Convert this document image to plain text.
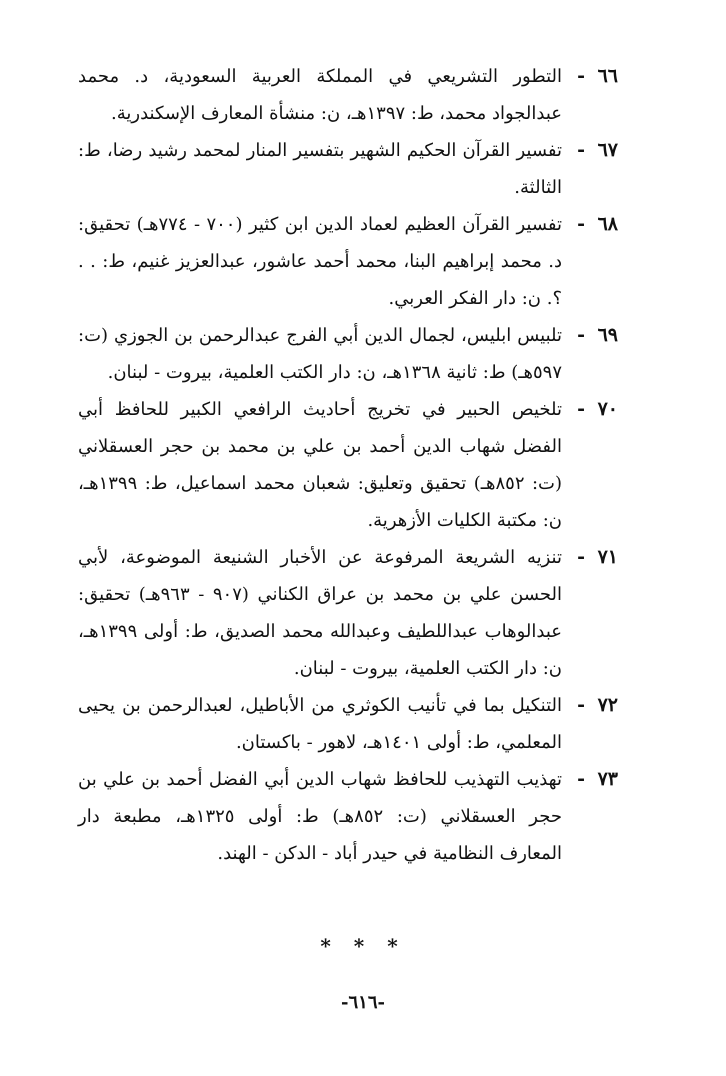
٦٦ -
التطور التشريعي في المملكة العربية السعودية، د. محمد عبدالجواد محمد، ط: ١٣٩٧هـ، ن: منشأة المعارف الإسكندرية.
٦٧ -
تفسير القرآن الحكيم الشهير بتفسير المنار لمحمد رشيد رضا، ط: الثالثة.
٦٨ -
تفسير القرآن العظيم لعماد الدين ابن كثير (٧٠٠ - ٧٧٤هـ) تحقيق: د. محمد إبراهيم البنا، محمد أحمد عاشور، عبدالعزيز غنيم، ط: . . ؟. ن: دار الفكر العربي.
٦٩ -
تلبيس ابليس، لجمال الدين أبي الفرج عبدالرحمن بن الجوزي (ت: ٥٩٧هـ) ط: ثانية ١٣٦٨هـ، ن: دار الكتب العلمية، بيروت - لبنان.
٧٠ -
تلخيص الحبير في تخريج أحاديث الرافعي الكبير للحافظ أبي الفضل شهاب الدين أحمد بن علي بن محمد بن حجر العسقلاني (ت: ٨٥٢هـ) تحقيق وتعليق: شعبان محمد اسماعيل، ط: ١٣٩٩هـ، ن: مكتبة الكليات الأزهرية.
٧١ -
تنزيه الشريعة المرفوعة عن الأخبار الشنيعة الموضوعة، لأبي الحسن علي بن محمد بن عراق الكناني (٩٠٧ - ٩٦٣هـ) تحقيق: عبدالوهاب عبداللطيف وعبدالله محمد الصديق، ط: أولى ١٣٩٩هـ، ن: دار الكتب العلمية، بيروت - لبنان.
٧٢ -
التنكيل بما في تأنيب الكوثري من الأباطيل، لعبدالرحمن بن يحيى المعلمي، ط: أولى ١٤٠١هـ، لاهور - باكستان.
٧٣ -
تهذيب التهذيب للحافظ شهاب الدين أبي الفضل أحمد بن علي بن حجر العسقلاني (ت: ٨٥٢هـ) ط: أولى ١٣٢٥هـ، مطبعة دار المعارف النظامية في حيدر أباد - الدكن - الهند.
* * *
-٦١٦-
